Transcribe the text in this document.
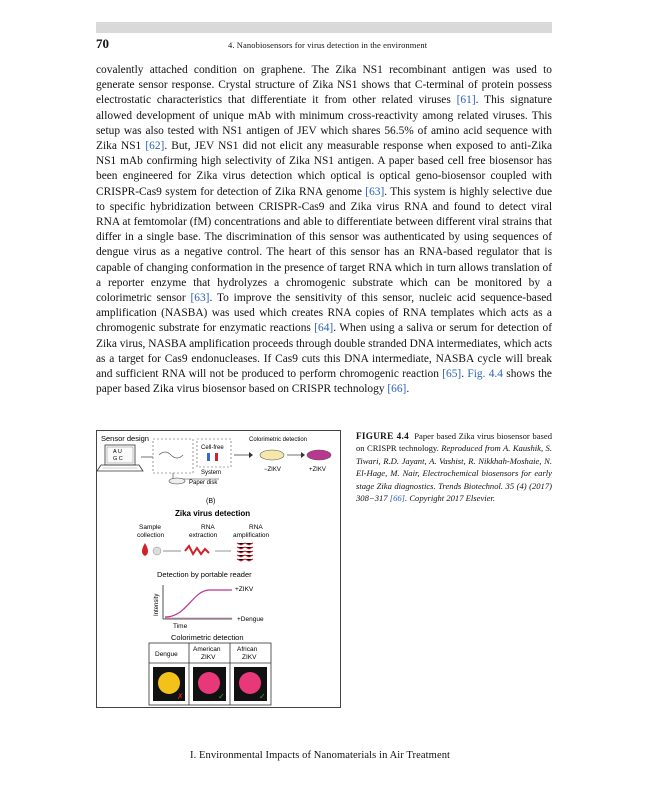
70	4. Nanobiosensors for virus detection in the environment

covalently attached condition on graphene. The Zika NS1 recombinant antigen was used to generate sensor response. Crystal structure of Zika NS1 shows that C-terminal of protein possess electrostatic characteristics that differentiate it from other related viruses [61]. This signature allowed development of unique mAb with minimum cross-reactivity among related viruses. This setup was also tested with NS1 antigen of JEV which shares 56.5% of amino acid sequence with Zika NS1 [62]. But, JEV NS1 did not elicit any measurable response when exposed to anti-Zika NS1 mAb confirming high selectivity of Zika NS1 antigen. A paper based cell free biosensor has been engineered for Zika virus detection which optical is optical geno-biosensor coupled with CRISPR-Cas9 system for detection of Zika RNA genome [63]. This system is highly selective due to specific hybridization between CRISPR-Cas9 and Zika virus RNA and found to detect viral RNA at femtomolar (fM) concentrations and able to differentiate between different viral strains that differ in a single base. The discrimination of this sensor was authenticated by using sequences of dengue virus as a negative control. The heart of this sensor has an RNA-based regulator that is capable of changing conformation in the presence of target RNA which in turn allows translation of a reporter enzyme that hydrolyzes a chromogenic substrate which can be monitored by a colorimetric sensor [63]. To improve the sensitivity of this sensor, nucleic acid sequence-based amplification (NASBA) was used which creates RNA copies of RNA templates which acts as a chromogenic substrate for enzymatic reactions [64]. When using a saliva or serum for detection of Zika virus, NASBA amplification proceeds through double stranded DNA intermediates, which acts as a target for Cas9 endonucleases. If Cas9 cuts this DNA intermediate, NASBA cycle will break and sufficient RNA will not be produced to perform chromogenic reaction [65]. Fig. 4.4 shows the paper based Zika virus biosensor based on CRISPR technology [66].

Sensor design
A U
G C
Cell-free
System
Paper disk
Colorimetric detection
−ZIKV	+ZIKV
(B)
Zika virus detection
Sample
collection
RNA
extraction
RNA
amplification
Detection by portable reader
Intensity
Time
+ZIKV
+Dengue
Colorimetric detection
Dengue
American
ZIKV
African
ZIKV
✗	✓	✓
FIGURE 4.4 Paper based Zika virus biosensor based on CRISPR technology. Reproduced from A. Kaushik, S. Tiwari, R.D. Jayant, A. Vashist, R. Nikkhah-Moshaie, N. El-Hage, M. Nair, Electrochemical biosensors for early stage Zika diagnostics. Trends Biotechnol. 35 (4) (2017) 308−317 [66]. Copyright 2017 Elsevier.
I. Environmental Impacts of Nanomaterials in Air Treatment
